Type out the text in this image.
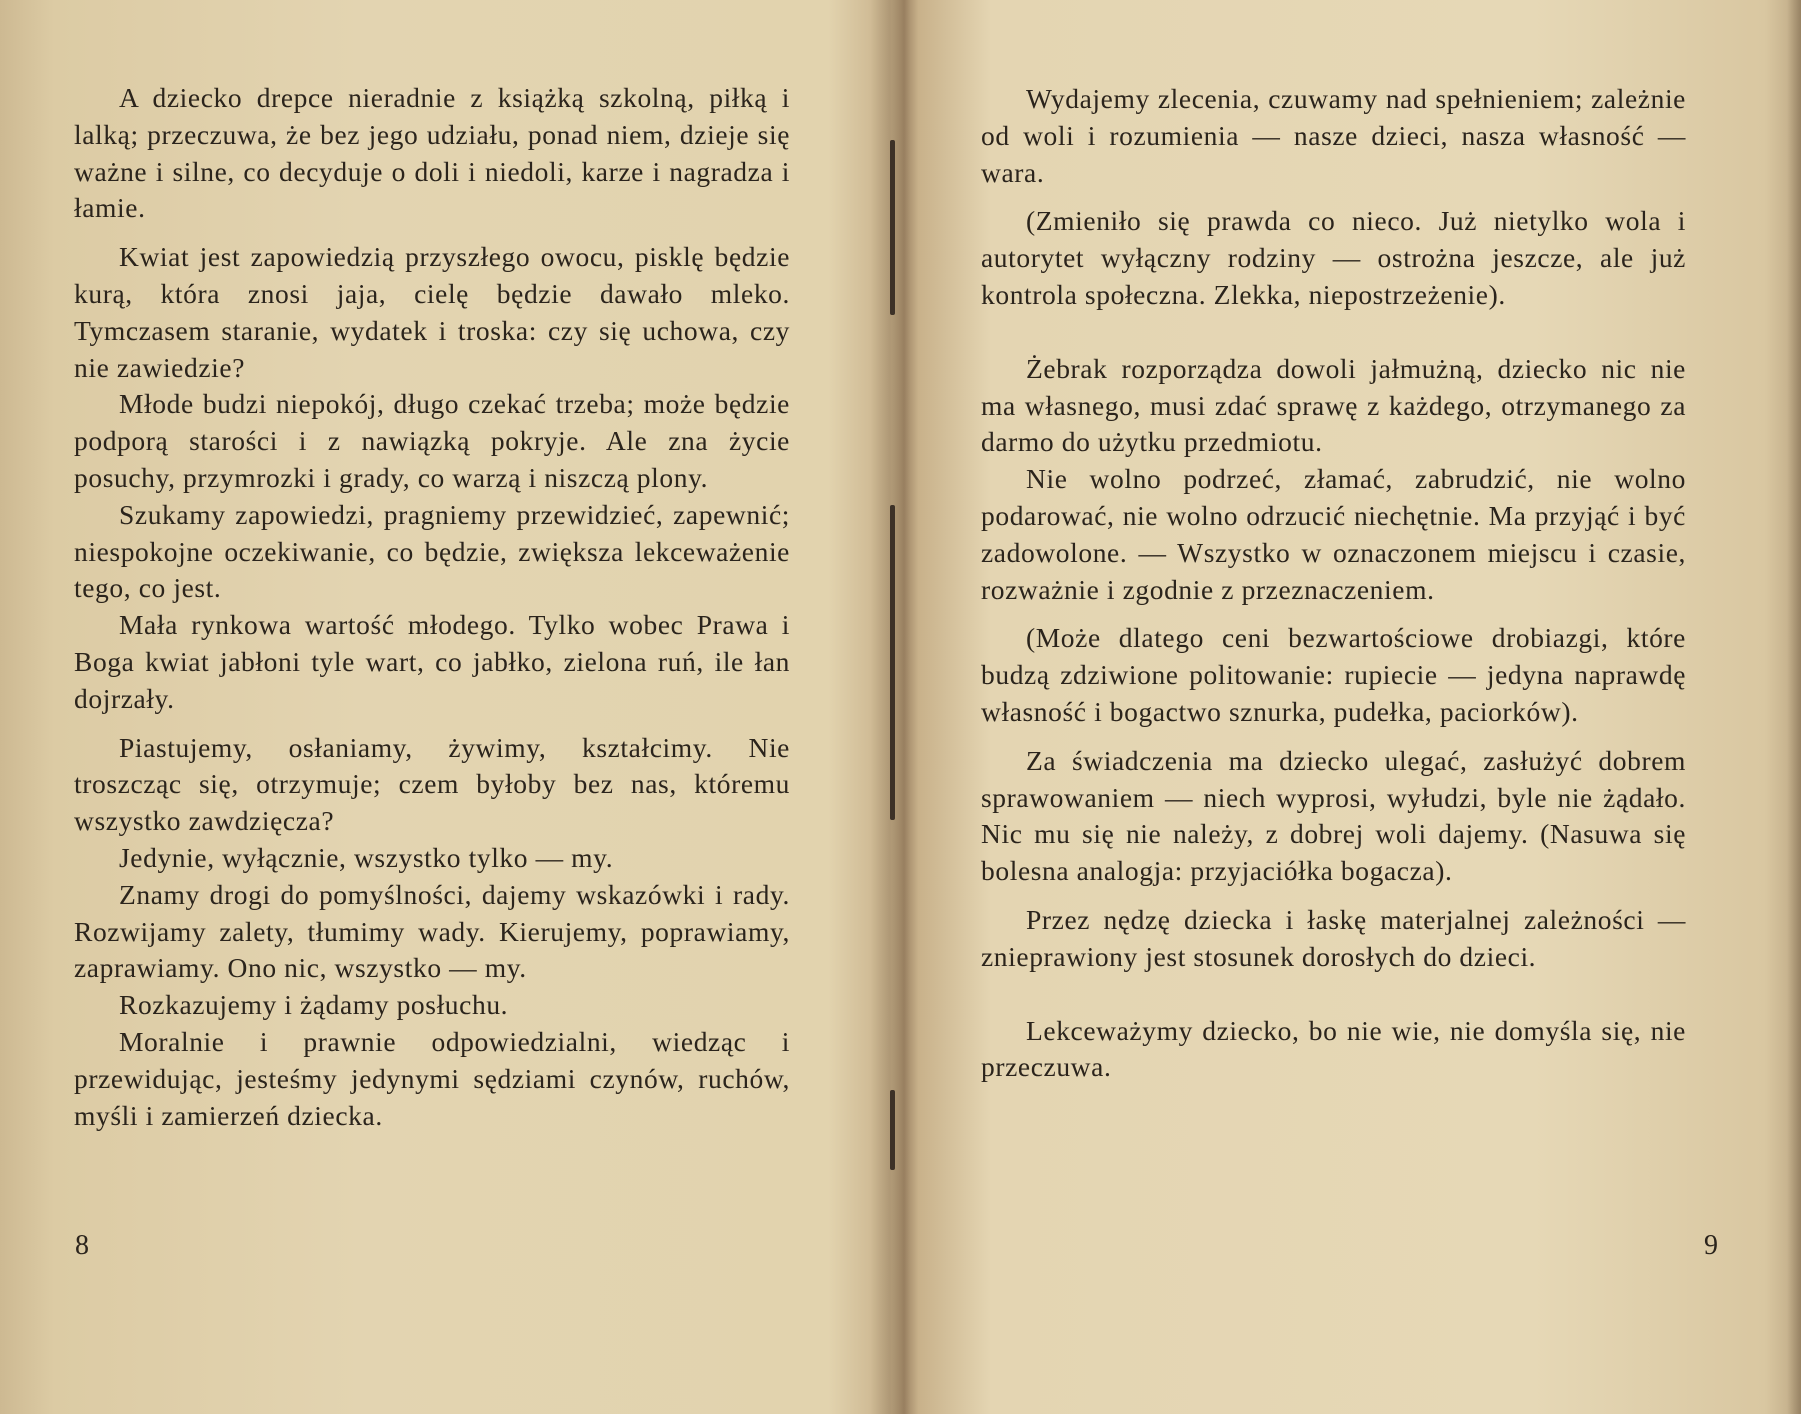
A dziecko drepce nieradnie z książką szkolną, piłką i lalką; przeczuwa, że bez jego udziału, ponad niem, dzieje się ważne i silne, co decyduje o doli i niedoli, karze i nagradza i łamie.

Kwiat jest zapowiedzią przyszłego owocu, pisklę będzie kurą, która znosi jaja, cielę będzie dawało mleko. Tymczasem staranie, wydatek i troska: czy się uchowa, czy nie zawiedzie?

Młode budzi niepokój, długo czekać trzeba; może będzie podporą starości i z nawiązką pokryje. Ale zna życie posuchy, przymrozki i grady, co warzą i niszczą plony.

Szukamy zapowiedzi, pragniemy przewidzieć, zapewnić; niespokojne oczekiwanie, co będzie, zwiększa lekceważenie tego, co jest.

Mała rynkowa wartość młodego. Tylko wobec Prawa i Boga kwiat jabłoni tyle wart, co jabłko, zielona ruń, ile łan dojrzały.

Piastujemy, osłaniamy, żywimy, kształcimy. Nie troszcząc się, otrzymuje; czem byłoby bez nas, któremu wszystko zawdzięcza?

Jedynie, wyłącznie, wszystko tylko — my.

Znamy drogi do pomyślności, dajemy wskazówki i rady. Rozwijamy zalety, tłumimy wady. Kierujemy, poprawiamy, zaprawiamy. Ono nic, wszystko — my.

Rozkazujemy i żądamy posłuchu.

Moralnie i prawnie odpowiedzialni, wiedząc i przewidując, jesteśmy jedynymi sędziami czynów, ruchów, myśli i zamierzeń dziecka.

8

Wydajemy zlecenia, czuwamy nad spełnieniem; zależnie od woli i rozumienia — nasze dzieci, nasza własność — wara.

(Zmieniło się prawda co nieco. Już nietylko wola i autorytet wyłączny rodziny — ostrożna jeszcze, ale już kontrola społeczna. Zlekka, niepostrzeżenie).

Żebrak rozporządza dowoli jałmużną, dziecko nic nie ma własnego, musi zdać sprawę z każdego, otrzymanego za darmo do użytku przedmiotu.

Nie wolno podrzeć, złamać, zabrudzić, nie wolno podarować, nie wolno odrzucić niechętnie. Ma przyjąć i być zadowolone. — Wszystko w oznaczonem miejscu i czasie, rozważnie i zgodnie z przeznaczeniem.

(Może dlatego ceni bezwartościowe drobiazgi, które budzą zdziwione politowanie: rupiecie — jedyna naprawdę własność i bogactwo sznurka, pudełka, paciorków).

Za świadczenia ma dziecko ulegać, zasłużyć dobrem sprawowaniem — niech wyprosi, wyłudzi, byle nie żądało. Nic mu się nie należy, z dobrej woli dajemy. (Nasuwa się bolesna analogja: przyjaciółka bogacza).

Przez nędzę dziecka i łaskę materjalnej zależności — znieprawiony jest stosunek dorosłych do dzieci.

Lekceważymy dziecko, bo nie wie, nie domyśla się, nie przeczuwa.

9
